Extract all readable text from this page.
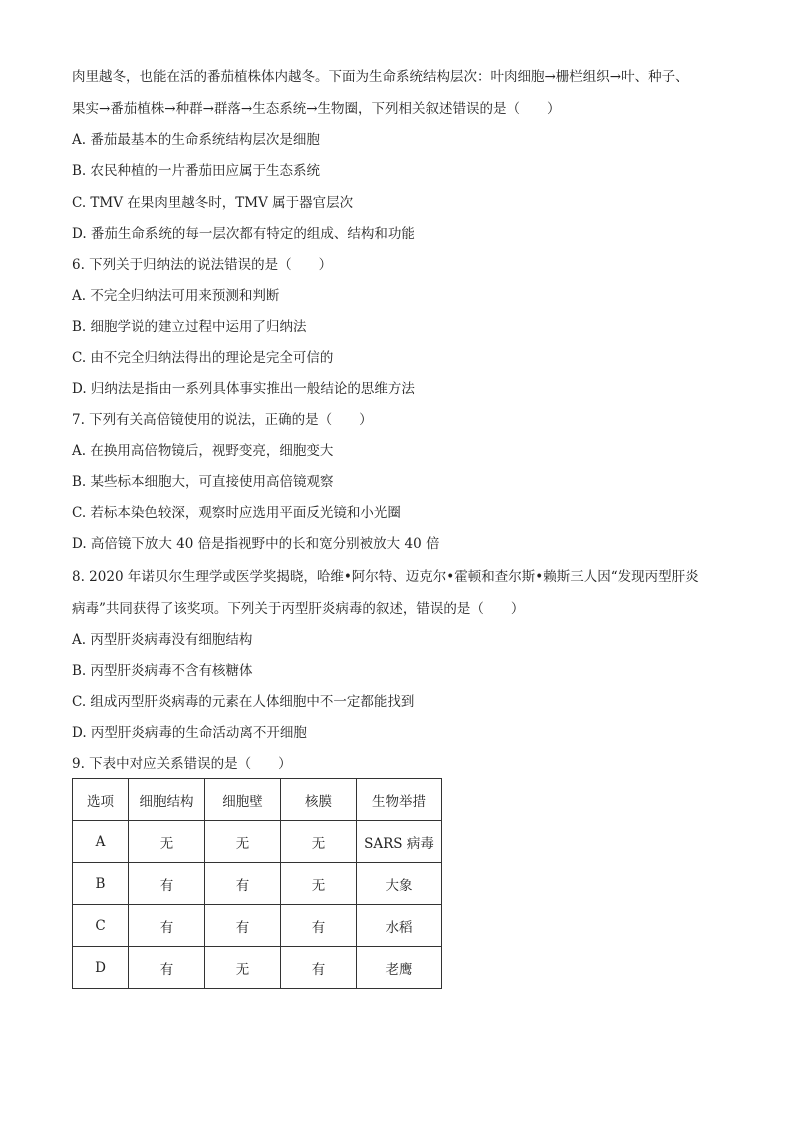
肉里越冬，也能在活的番茄植株体内越冬。下面为生命系统结构层次：叶肉细胞→栅栏组织→叶、种子、
果实→番茄植株→种群→群落→生态系统→生物圈，下列相关叙述错误的是（　　）
A. 番茄最基本的生命系统结构层次是细胞
B. 农民种植的一片番茄田应属于生态系统
C. TMV 在果肉里越冬时，TMV 属于器官层次
D. 番茄生命系统的每一层次都有特定的组成、结构和功能
6. 下列关于归纳法的说法错误的是（　　）
A. 不完全归纳法可用来预测和判断
B. 细胞学说的建立过程中运用了归纳法
C. 由不完全归纳法得出的理论是完全可信的
D. 归纳法是指由一系列具体事实推出一般结论的思维方法
7. 下列有关高倍镜使用的说法，正确的是（　　）
A. 在换用高倍物镜后，视野变亮，细胞变大
B. 某些标本细胞大，可直接使用高倍镜观察
C. 若标本染色较深，观察时应选用平面反光镜和小光圈
D. 高倍镜下放大 40 倍是指视野中的长和宽分别被放大 40 倍
8. 2020 年诺贝尔生理学或医学奖揭晓，哈维•阿尔特、迈克尔•霍顿和查尔斯•赖斯三人因“发现丙型肝炎
病毒”共同获得了该奖项。下列关于丙型肝炎病毒的叙述，错误的是（　　）
A. 丙型肝炎病毒没有细胞结构
B. 丙型肝炎病毒不含有核糖体
C. 组成丙型肝炎病毒的元素在人体细胞中不一定都能找到
D. 丙型肝炎病毒的生命活动离不开细胞
9. 下表中对应关系错误的是（　　）
选项	细胞结构	细胞壁	核膜	生物举措
A	无	无	无	SARS 病毒
B	有	有	无	大象
C	有	有	有	水稻
D	有	无	有	老鹰
